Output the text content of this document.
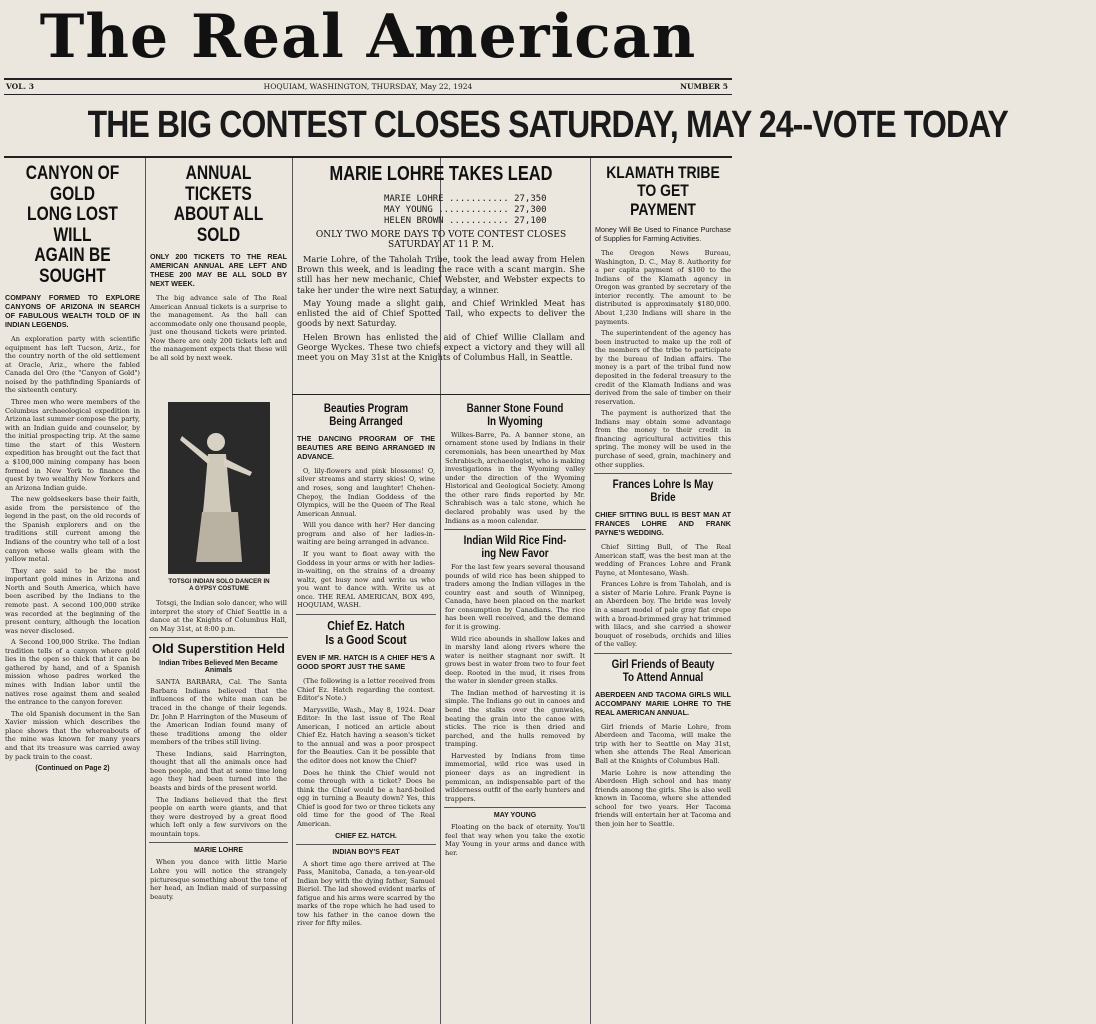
The Real American
HOQUIAM, WASHINGTON, THURSDAY, May 22, 1924
VOL. 3	NUMBER 5
THE BIG CONTEST CLOSES SATURDAY, MAY 24--VOTE TODAY
CANYON OF GOLD
LONG LOST WILL
AGAIN BE SOUGHT
COMPANY FORMED TO EXPLORE CANYONS OF ARIZONA IN SEARCH OF FABULOUS WEALTH TOLD OF IN INDIAN LEGENDS.

An exploration party with scientific equipment has left Tucson, Ariz., for the country north of the old settlement at Oracle, Ariz., where the fabled Canada del Oro (the "Canyon of Gold") noised by the pathfinding Spaniards of the sixteenth century.

Three men who were members of the Columbus archaeological expedition in Arizona last summer compose the party, with an Indian guide and counselor, by the initial prospecting trip. At the same time the start of this Western expedition has brought out the fact that a $100,000 mining company has been formed in New York to finance the quest by two wealthy New Yorkers and an Arizona Indian guide.

The new goldseekers base their faith, aside from the persistence of the legend in the past, on the old records of the Spanish explorers and on the traditions still current among the Indians of the country who tell of a lost canyon whose walls gleam with the yellow metal.

They are said to be the most important gold mines in Arizona and North and South America, which have been ascribed by the Indians to the remote past. A second 100,000 strike was recorded at the beginning of the present century, although the location was never disclosed.

A Second 100,000 Strike. The Indian tradition tells of a canyon where gold lies in the open so thick that it can be gathered by hand, and of a Spanish mission whose padres worked the mines with Indian labor until the natives rose against them and sealed the entrance to the canyon forever.

The old Spanish document in the San Xavier mission which describes the place shows that the whereabouts of the mine was known for many years and that its treasure was carried away by pack train to the coast.

(Continued on Page 2)
ANNUAL TICKETS
ABOUT ALL SOLD
ONLY 200 TICKETS TO THE REAL AMERICAN ANNUAL ARE LEFT AND THESE 200 MAY BE ALL SOLD BY NEXT WEEK.

The big advance sale of The Real American Annual tickets is a surprise to the management. As the hall can accommodate only one thousand people, just one thousand tickets were printed. Now there are only 200 tickets left and the management expects that these will be all sold by next week.

MARIE LOHRE TAKES LEAD
MARIE LOHRE ........... 27,350
MAY YOUNG ............. 27,300
HELEN BROWN ........... 27,100
ONLY TWO MORE DAYS TO VOTE CONTEST CLOSES SATURDAY AT 11 P. M.

Marie Lohre, of the Taholah Tribe, took the lead away from Helen Brown this week, and is leading the race with a scant margin. She still has her new mechanic, Chief Webster, and Webster expects to take her under the wire next Saturday, a winner.

May Young made a slight gain, and Chief Wrinkled Meat has enlisted the aid of Chief Spotted Tail, who expects to deliver the goods by next Saturday.

Helen Brown has enlisted the aid of Chief Willie Clallam and George Wyckes. These two chiefs expect a victory and they will all meet you on May 31st at the Knights of Columbus Hall, in Seattle.

TOTSGI INDIAN SOLO DANCER IN A GYPSY COSTUME

Totsgi, the Indian solo dancer, who will interpret the story of Chief Seattle in a dance at the Knights of Columbus Hall, on May 31st, at 8:00 p.m.

Old Superstition Held
Indian Tribes Believed Men Became Animals

SANTA BARBARA, Cal. The Santa Barbara Indians believed that the influences of the white man can be traced in the change of their legends. Dr. John P. Harrington of the Museum of the American Indian found many of these traditions among the older members of the tribes still living.

These Indians, said Harrington, thought that all the animals once had been people, and that at some time long ago they had been turned into the beasts and birds of the present world.

The Indians believed that the first people on earth were giants, and that they were destroyed by a great flood which left only a few survivors on the mountain tops.

MARIE LOHRE

When you dance with little Marie Lohre you will notice the strangely picturesque something about the tone of her head, an Indian maid of surpassing beauty.

Beauties Program
Being Arranged
THE DANCING PROGRAM OF THE BEAUTIES ARE BEING ARRANGED IN ADVANCE.

O, lily-flowers and pink blossoms! O, silver streams and starry skies! O, wine and roses, song and laughter! Chehen-Chepoy, the Indian Goddess of the Olympics, will be the Queen of The Real American Annual.

Will you dance with her? Her dancing program and also of her ladies-in-waiting are being arranged in advance.

If you want to float away with the Goddess in your arms or with her ladies-in-waiting, on the strains of a dreamy waltz, get busy now and write us who you want to dance with. Write us at once. THE REAL AMERICAN, BOX 495, HOQUIAM, WASH.

Chief Ez. Hatch
Is a Good Scout
EVEN IF MR. HATCH IS A CHIEF HE'S A GOOD SPORT JUST THE SAME

(The following is a letter received from Chief Ez. Hatch regarding the contest. Editor's Note.)

Marysville, Wash., May 8, 1924. Dear Editor: In the last issue of The Real American, I noticed an article about Chief Ez. Hatch having a season's ticket to the annual and was a poor prospect for the Beauties. Can it be possible that the editor does not know the Chief?

Does he think the Chief would not come through with a ticket? Does he think the Chief would be a hard-boiled egg in turning a Beauty down? Yes, this Chief is good for two or three tickets any old time for the good of The Real American.

CHIEF EZ. HATCH.
INDIAN BOY'S FEAT

A short time ago there arrived at The Pass, Manitoba, Canada, a ten-year-old Indian boy with the dying father, Samuel Bieriel. The lad showed evident marks of fatigue and his arms were scarred by the marks of the rope which he had used to tow his father in the canoe down the river for fifty miles.

Banner Stone Found
In Wyoming

Wilkes-Barre, Pa. A banner stone, an ornament stone used by Indians in their ceremonials, has been unearthed by Max Schrabisch, archaeologist, who is making investigations in the Wyoming valley under the direction of the Wyoming Historical and Geological Society. Among the other rare finds reported by Mr. Schrabisch was a talc stone, which he declared probably was used by the Indians as a moon calendar.

Indian Wild Rice Find-
ing New Favor

For the last few years several thousand pounds of wild rice has been shipped to traders among the Indian villages in the country east and south of Winnipeg, Canada, have been placed on the market for consumption by Canadians. The rice has been well received, and the demand for it is growing.

Wild rice abounds in shallow lakes and in marshy land along rivers where the water is neither stagnant nor swift. It grows best in water from two to four feet deep. Rooted in the mud, it rises from the water in slender green stalks.

The Indian method of harvesting it is simple. The Indians go out in canoes and bend the stalks over the gunwales, beating the grain into the canoe with sticks. The rice is then dried and parched, and the hulls removed by tramping.

Harvested by Indians from time immemorial, wild rice was used in pioneer days as an ingredient in pemmican, an indispensable part of the wilderness outfit of the early hunters and trappers.

MAY YOUNG

Floating on the back of eternity. You'll feel that way when you take the exotic May Young in your arms and dance with her.

KLAMATH TRIBE
TO GET PAYMENT
Money Will Be Used to Finance Purchase of Supplies for Farming Activities.

The Oregon News Bureau, Washington, D. C., May 8. Authority for a per capita payment of $100 to the Indians of the Klamath agency in Oregon was granted by secretary of the interior recently. The amount to be distributed is approximately $180,000. About 1,230 Indians will share in the payments.

The superintendent of the agency has been instructed to make up the roll of the members of the tribe to participate by the bureau of Indian affairs. The money is a part of the tribal fund now deposited in the federal treasury to the credit of the Klamath Indians and was derived from the sale of timber on their reservation.

The payment is authorized that the Indians may obtain some advantage from the money to their credit in financing agricultural activities this spring. The money will be used in the purchase of seed, grain, machinery and other supplies.

Frances Lohre Is May
Bride
CHIEF SITTING BULL IS BEST MAN AT FRANCES LOHRE AND FRANK PAYNE'S WEDDING.

Chief Sitting Bull, of The Real American staff, was the best man at the wedding of Frances Lohre and Frank Payne, at Montesano, Wash.

Frances Lohre is from Taholah, and is a sister of Marie Lohre. Frank Payne is an Aberdeen boy. The bride was lovely in a smart model of pale gray flat crepe with a broad-brimmed gray hat trimmed with lilacs, and she carried a shower bouquet of rosebuds, orchids and lilies of the valley.

Girl Friends of Beauty
To Attend Annual
ABERDEEN AND TACOMA GIRLS WILL ACCOMPANY MARIE LOHRE TO THE REAL AMERICAN ANNUAL.

Girl friends of Marie Lohre, from Aberdeen and Tacoma, will make the trip with her to Seattle on May 31st, when she attends The Real American Ball at the Knights of Columbus Hall.

Marie Lohre is now attending the Aberdeen High school and has many friends among the girls. She is also well known in Tacoma, where she attended school for two years. Her Tacoma friends will entertain her at Tacoma and then join her to Seattle.
